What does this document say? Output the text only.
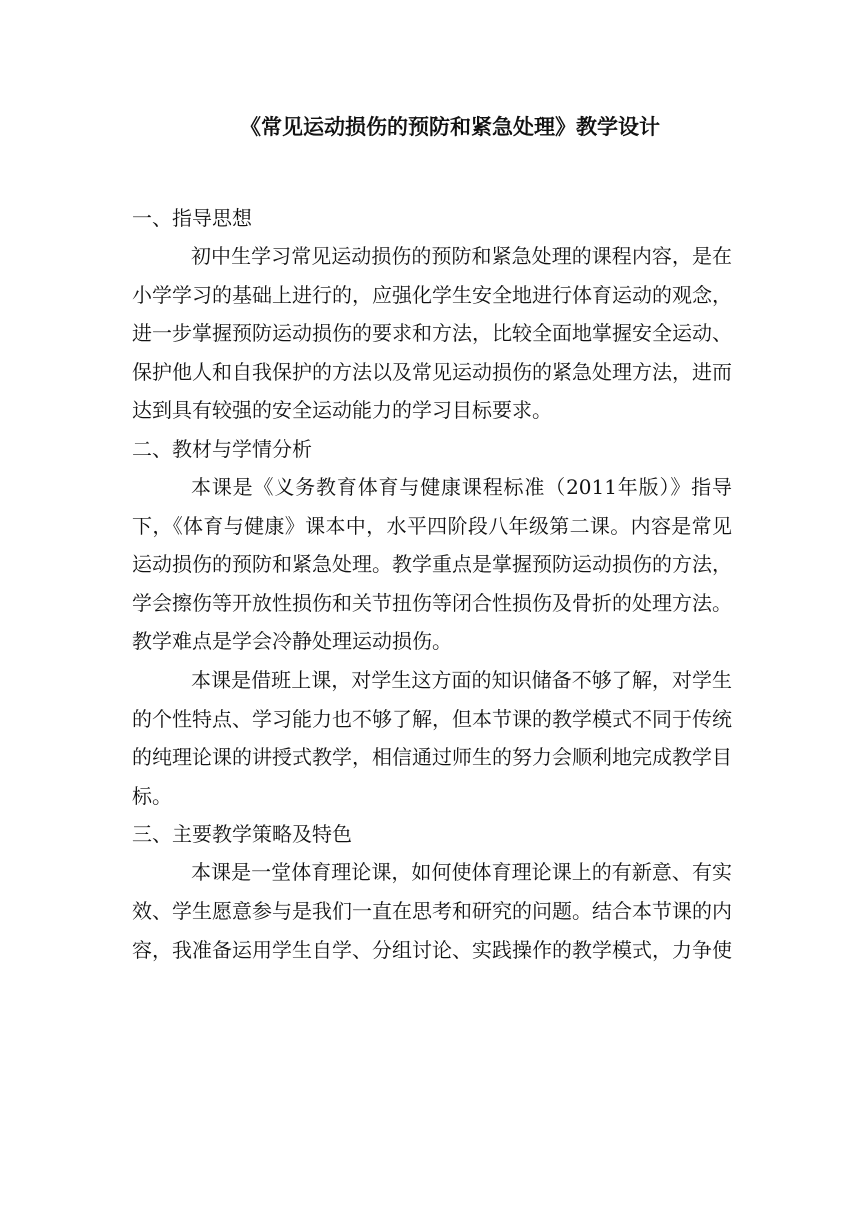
《常见运动损伤的预防和紧急处理》教学设计
一、指导思想

初中生学习常见运动损伤的预防和紧急处理的课程内容，是在小学学习的基础上进行的，应强化学生安全地进行体育运动的观念，进一步掌握预防运动损伤的要求和方法，比较全面地掌握安全运动、保护他人和自我保护的方法以及常见运动损伤的紧急处理方法，进而达到具有较强的安全运动能力的学习目标要求。

二、教材与学情分析

本课是《义务教育体育与健康课程标准（2011年版）》指导下，《体育与健康》课本中，水平四阶段八年级第二课。内容是常见运动损伤的预防和紧急处理。教学重点是掌握预防运动损伤的方法，学会擦伤等开放性损伤和关节扭伤等闭合性损伤及骨折的处理方法。教学难点是学会冷静处理运动损伤。

本课是借班上课，对学生这方面的知识储备不够了解，对学生的个性特点、学习能力也不够了解，但本节课的教学模式不同于传统的纯理论课的讲授式教学，相信通过师生的努力会顺利地完成教学目标。

三、主要教学策略及特色

本课是一堂体育理论课，如何使体育理论课上的有新意、有实效、学生愿意参与是我们一直在思考和研究的问题。结合本节课的内容，我准备运用学生自学、分组讨论、实践操作的教学模式，力争使
